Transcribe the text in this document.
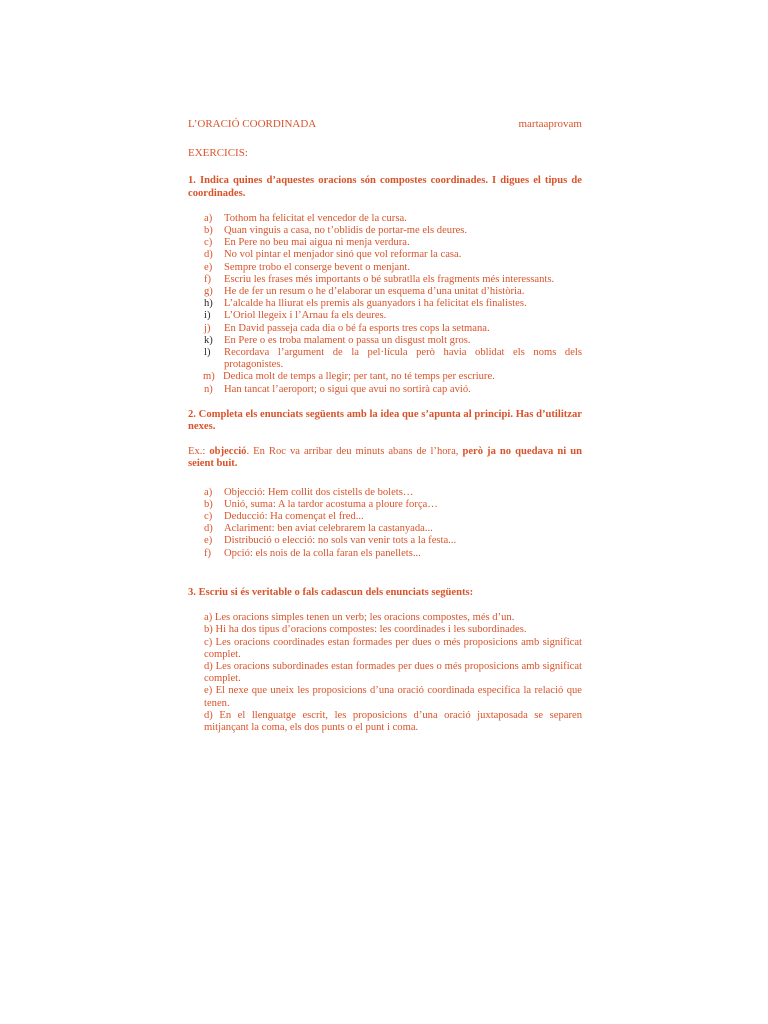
L’ORACIÓ COORDINADA	martaaprovam
EXERCICIS:
1. Indica quines d’aquestes oracions són compostes coordinades. I digues el tipus de coordinades.
a)	Tothom ha felicitat el vencedor de la cursa.
b)	Quan vinguis a casa, no t’oblidis de portar-me els deures.
c)	En Pere no beu mai aigua ni menja verdura.
d)	No vol pintar el menjador sinó que vol reformar la casa.
e)	Sempre trobo el conserge bevent o menjant.
f)	Escriu les frases més importants o bé subratlla els fragments més interessants.
g)	He de fer un resum o he d’elaborar un esquema d’una unitat d’història.
h)	L’alcalde ha lliurat els premis als guanyadors i ha felicitat els finalistes.
i)	L’Oriol llegeix i l’Arnau fa els deures.
j)	En David passeja cada dia o bé fa esports tres cops la setmana.
k)	En Pere o es troba malament o passa un disgust molt gros.
l)	Recordava l’argument de la pel·lícula però havia oblidat els noms dels protagonistes.
m) Dedica molt de temps a llegir; per tant, no té temps per escriure.
n)	Han tancat l’aeroport; o sigui que avui no sortirà cap avió.
2. Completa els enunciats següents amb la idea que s’apunta al principi. Has d’utilitzar nexes.
Ex.: objecció. En Roc va arribar deu minuts abans de l’hora, però ja no quedava ni un seient buit.
a)	Objecció: Hem collit dos cistells de bolets…
b)	Unió, suma: A la tardor acostuma a ploure força…
c)	Deducció: Ha començat el fred...
d)	Aclariment: ben aviat celebrarem la castanyada...
e)	Distribució o elecció: no sols van venir tots a la festa...
f)	Opció: els nois de la colla faran els panellets...
3. Escriu si és veritable o fals cadascun dels enunciats següents:

a) Les oracions simples tenen un verb; les oracions compostes, més d’un.

b) Hi ha dos tipus d’oracions compostes: les coordinades i les subordinades.

c) Les oracions coordinades estan formades per dues o més proposicions amb significat complet.

d) Les oracions subordinades estan formades per dues o més proposicions amb significat complet.

e) El nexe que uneix les proposicions d’una oració coordinada especifica la relació que tenen.

d) En el llenguatge escrit, les proposicions d’una oració juxtaposada se separen mitjançant la coma, els dos punts o el punt i coma.
